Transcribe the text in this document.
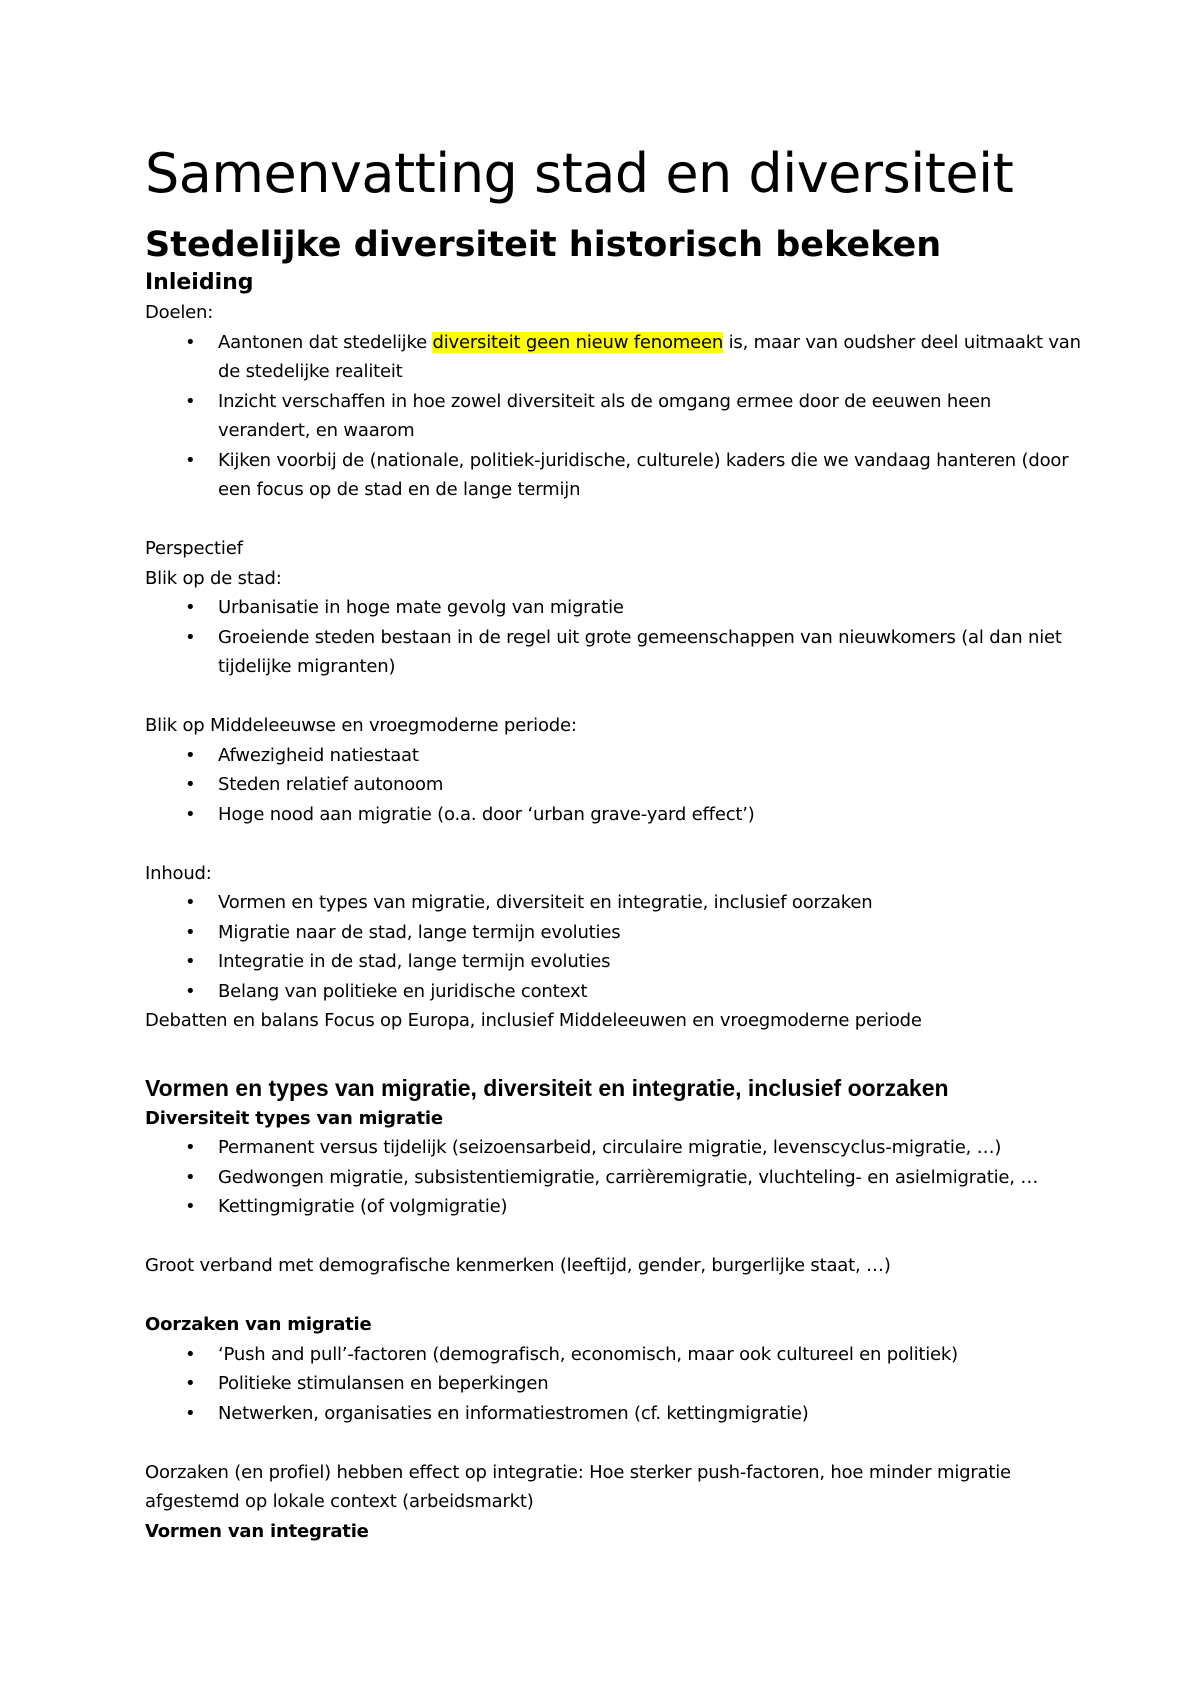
Samenvatting stad en diversiteit
Stedelijke diversiteit historisch bekeken
Inleiding

Doelen:

• Aantonen dat stedelijke diversiteit geen nieuw fenomeen is, maar van oudsher deel uitmaakt van de stedelijke realiteit
• Inzicht verschaffen in hoe zowel diversiteit als de omgang ermee door de eeuwen heen verandert, en waarom
• Kijken voorbij de (nationale, politiek-juridische, culturele) kaders die we vandaag hanteren (door een focus op de stad en de lange termijn

Perspectief

Blik op de stad:

• Urbanisatie in hoge mate gevolg van migratie
• Groeiende steden bestaan in de regel uit grote gemeenschappen van nieuwkomers (al dan niet tijdelijke migranten)

Blik op Middeleeuwse en vroegmoderne periode:

• Afwezigheid natiestaat
• Steden relatief autonoom
• Hoge nood aan migratie (o.a. door ‘urban grave-yard effect’)

Inhoud:

• Vormen en types van migratie, diversiteit en integratie, inclusief oorzaken
• Migratie naar de stad, lange termijn evoluties
• Integratie in de stad, lange termijn evoluties
• Belang van politieke en juridische context

Debatten en balans Focus op Europa, inclusief Middeleeuwen en vroegmoderne periode

Vormen en types van migratie, diversiteit en integratie, inclusief oorzaken

Diversiteit types van migratie

• Permanent versus tijdelijk (seizoensarbeid, circulaire migratie, levenscyclus-migratie, …)
• Gedwongen migratie, subsistentiemigratie, carrièremigratie, vluchteling- en asielmigratie, …
• Kettingmigratie (of volgmigratie)

Groot verband met demografische kenmerken (leeftijd, gender, burgerlijke staat, …)

Oorzaken van migratie

• ‘Push and pull’-factoren (demografisch, economisch, maar ook cultureel en politiek)
• Politieke stimulansen en beperkingen
• Netwerken, organisaties en informatiestromen (cf. kettingmigratie)

Oorzaken (en profiel) hebben effect op integratie: Hoe sterker push-factoren, hoe minder migratie afgestemd op lokale context (arbeidsmarkt)

Vormen van integratie
